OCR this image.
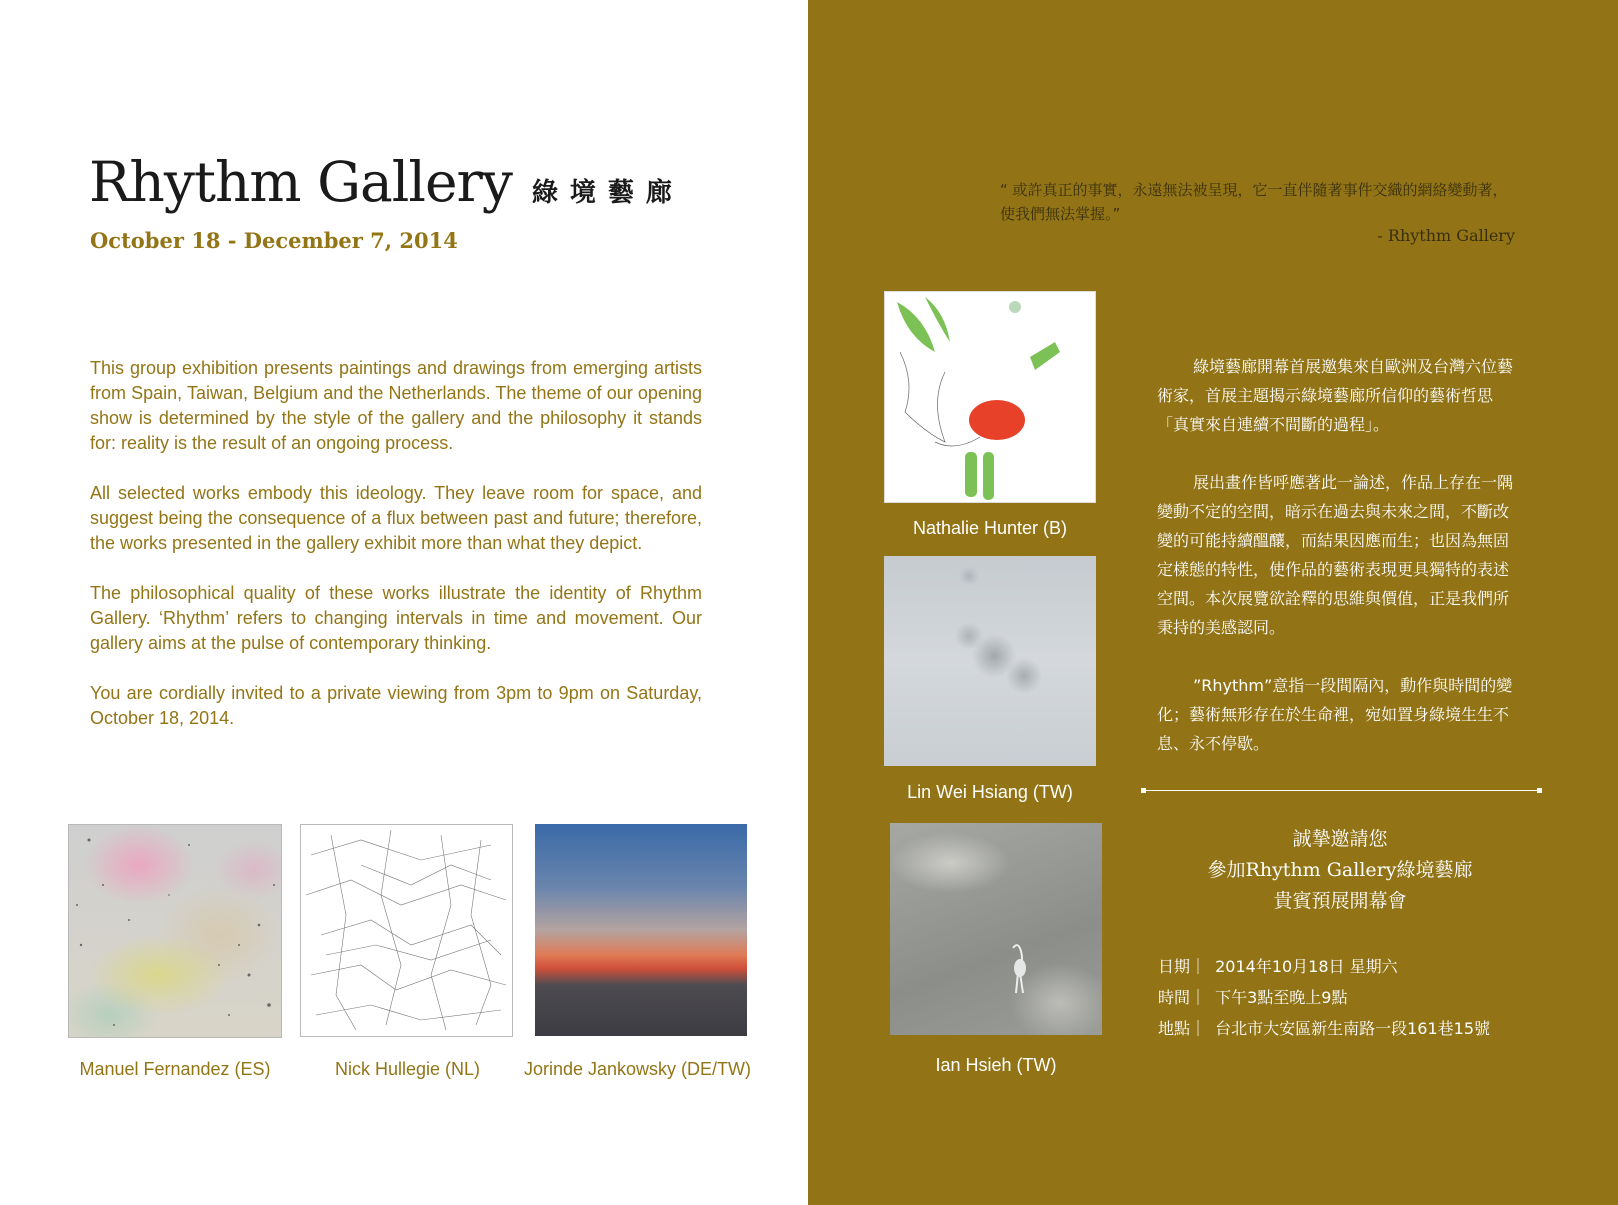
Rhythm Gallery 綠境藝廊
October 18 - December 7, 2014

This group exhibition presents paintings and drawings from emerging artists from Spain, Taiwan, Belgium and the Netherlands. The theme of our opening show is determined by the style of the gallery and the philosophy it stands for: reality is the result of an ongoing process.

All selected works embody this ideology. They leave room for space, and suggest being the consequence of a flux between past and future; therefore, the works presented in the gallery exhibit more than what they depict.

The philosophical quality of these works illustrate the identity of Rhythm Gallery. ‘Rhythm’ refers to changing intervals in time and movement. Our gallery aims at the pulse of contemporary thinking.

You are cordially invited to a private viewing from 3pm to 9pm on Saturday, October 18, 2014.

Manuel Fernandez (ES)	Nick Hullegie (NL)	Jorinde Jankowsky (DE/TW)
“ 或許真正的事實，永遠無法被呈現，它一直伴隨著事件交織的網絡變動著，使我們無法掌握。”
- Rhythm Gallery
Nathalie Hunter (B)
Lin Wei Hsiang (TW)
Ian Hsieh (TW)

綠境藝廊開幕首展邀集來自歐洲及台灣六位藝術家，首展主題揭示綠境藝廊所信仰的藝術哲思「真實來自連續不間斷的過程」。

展出畫作皆呼應著此一論述，作品上存在一隅變動不定的空間，暗示在過去與未來之間，不斷改變的可能持續醞釀，而結果因應而生；也因為無固定樣態的特性，使作品的藝術表現更具獨特的表述空間。本次展覽欲詮釋的思維與價值，正是我們所秉持的美感認同。

”Rhythm”意指一段間隔內，動作與時間的變化；藝術無形存在於生命裡，宛如置身綠境生生不息、永不停歇。

誠摯邀請您
參加Rhythm Gallery綠境藝廊
貴賓預展開幕會
日期｜ 2014年10月18日 星期六
時間｜ 下午3點至晚上9點
地點｜ 台北市大安區新生南路一段161巷15號
